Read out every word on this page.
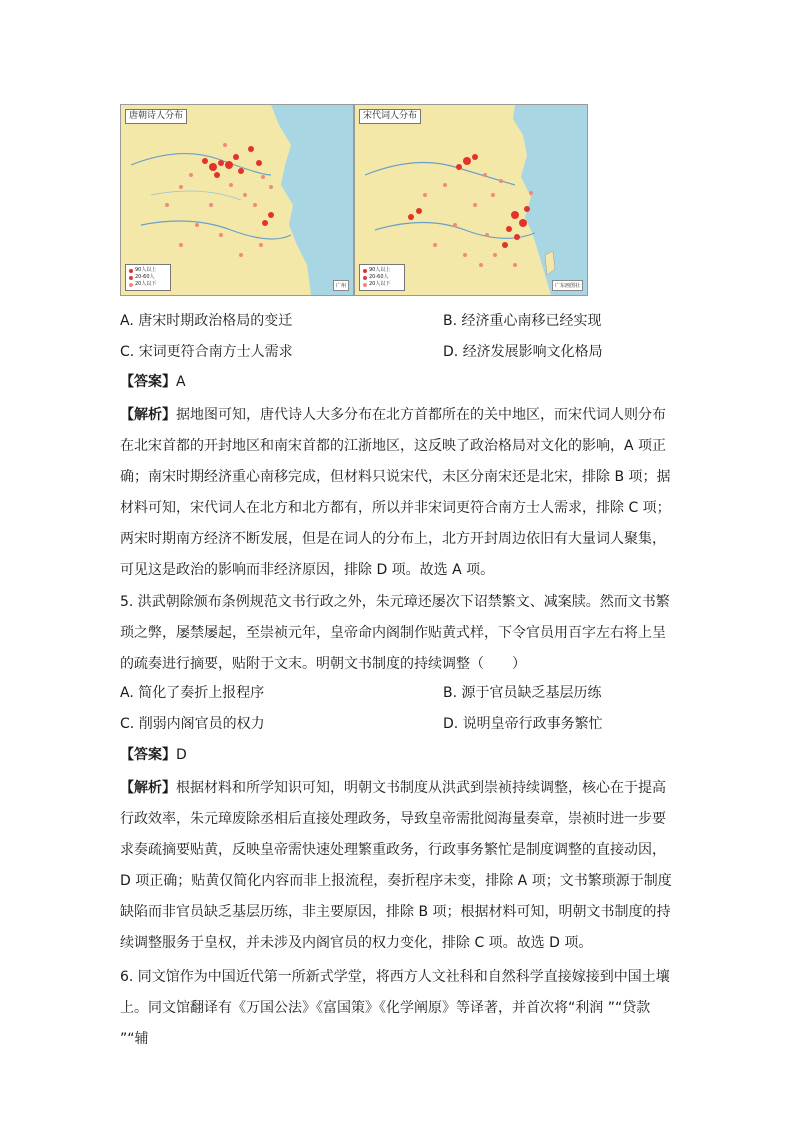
唐朝诗人分布
90人以上
20-60人
20人以下	广州
宋代词人分布
90人以上
20-60人
20人以下	广东画图社
A. 唐宋时期政治格局的变迁	B. 经济重心南移已经实现
C. 宋词更符合南方士人需求	D. 经济发展影响文化格局
【答案】A
【解析】据地图可知，唐代诗人大多分布在北方首都所在的关中地区，而宋代词人则分布
在北宋首都的开封地区和南宋首都的江浙地区，这反映了政治格局对文化的影响，A 项正
确；南宋时期经济重心南移完成，但材料只说宋代，未区分南宋还是北宋，排除 B 项；据
材料可知，宋代词人在北方和北方都有，所以并非宋词更符合南方士人需求，排除 C 项；
两宋时期南方经济不断发展，但是在词人的分布上，北方开封周边依旧有大量词人聚集，
可见这是政治的影响而非经济原因，排除 D 项。故选 A 项。
5. 洪武朝除颁布条例规范文书行政之外，朱元璋还屡次下诏禁繁文、减案牍。然而文书繁
琐之弊，屡禁屡起，至崇祯元年，皇帝命内阁制作贴黄式样，下令官员用百字左右将上呈
的疏奏进行摘要，贴附于文末。明朝文书制度的持续调整（　　）
A. 简化了奏折上报程序	B. 源于官员缺乏基层历练
C. 削弱内阁官员的权力	D. 说明皇帝行政事务繁忙
【答案】D
【解析】根据材料和所学知识可知，明朝文书制度从洪武到崇祯持续调整，核心在于提高
行政效率，朱元璋废除丞相后直接处理政务，导致皇帝需批阅海量奏章，崇祯时进一步要
求奏疏摘要贴黄，反映皇帝需快速处理繁重政务，行政事务繁忙是制度调整的直接动因，
D 项正确；贴黄仅简化内容而非上报流程，奏折程序未变，排除 A 项；文书繁琐源于制度
缺陷而非官员缺乏基层历练，非主要原因，排除 B 项；根据材料可知，明朝文书制度的持
续调整服务于皇权，并未涉及内阁官员的权力变化，排除 C 项。故选 D 项。
6. 同文馆作为中国近代第一所新式学堂，将西方人文社科和自然科学直接嫁接到中国土壤
上。同文馆翻译有《万国公法》《富国策》《化学阐原》等译著，并首次将“利润 ”“贷款 ”“辅
